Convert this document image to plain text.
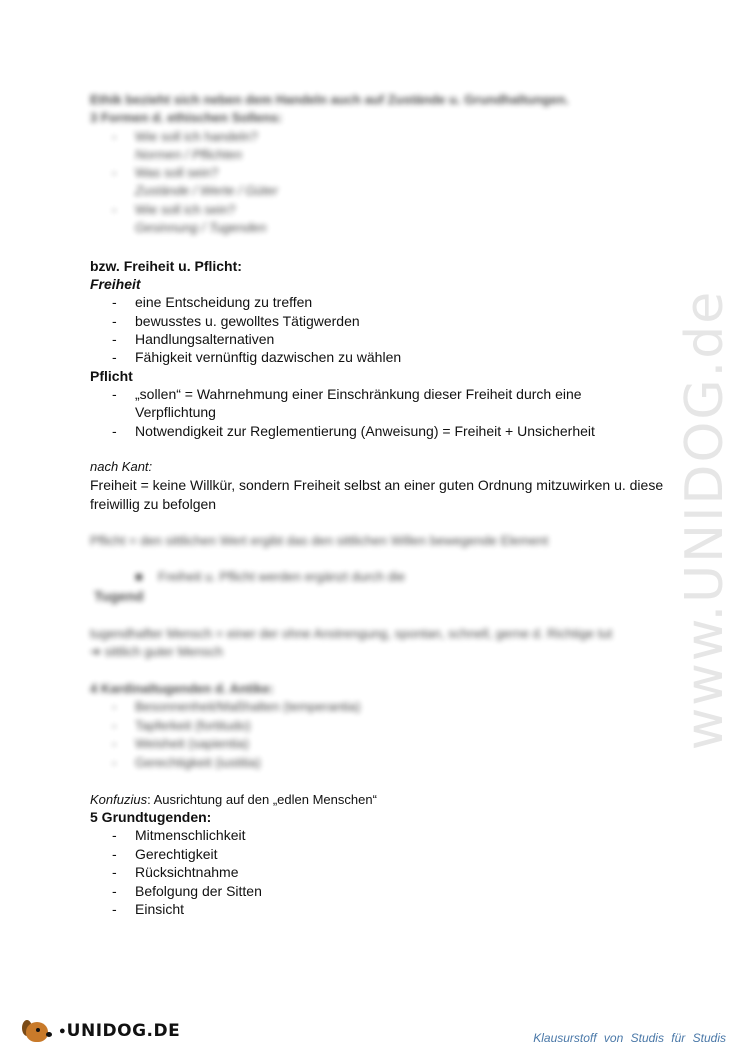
www.UNIDOG.de
Ethik bezieht sich neben dem Handeln auch auf Zustände u. Grundhaltungen.
3 Formen d. ethischen Sollens:
- Wie soll ich handeln?
Normen / Pflichten
- Was soll sein?
Zustände / Werte / Güter
- Wie soll ich sein?
Gesinnung / Tugenden
bzw. Freiheit u. Pflicht:
Freiheit
- eine Entscheidung zu treffen
- bewusstes u. gewolltes Tätigwerden
- Handlungsalternativen
- Fähigkeit vernünftig dazwischen zu wählen
Pflicht
- „sollen“ = Wahrnehmung einer Einschränkung dieser Freiheit durch eine
Verpflichtung
- Notwendigkeit zur Reglementierung (Anweisung) = Freiheit + Unsicherheit
nach Kant:
Freiheit = keine Willkür, sondern Freiheit selbst an einer guten Ordnung mitzuwirken u. diese
freiwillig zu befolgen
Pflicht = den sittlichen Wert ergibt das den sittlichen Willen bewegende Element
■ Freiheit u. Pflicht werden ergänzt durch die
Tugend
tugendhafter Mensch = einer der ohne Anstrengung, spontan, schnell, gerne d. Richtige tut
➔ sittlich guter Mensch
4 Kardinaltugenden d. Antike:
- Besonnenheit/Maßhalten (temperantia)
- Tapferkeit (fortitudo)
- Weisheit (sapientia)
- Gerechtigkeit (iustitia)
Konfuzius: Ausrichtung auf den „edlen Menschen“
5 Grundtugenden:
- Mitmenschlichkeit
- Gerechtigkeit
- Rücksichtnahme
- Befolgung der Sitten
- Einsicht
● UNIDOG .DE	Klausurstoff von Studis für Studis
